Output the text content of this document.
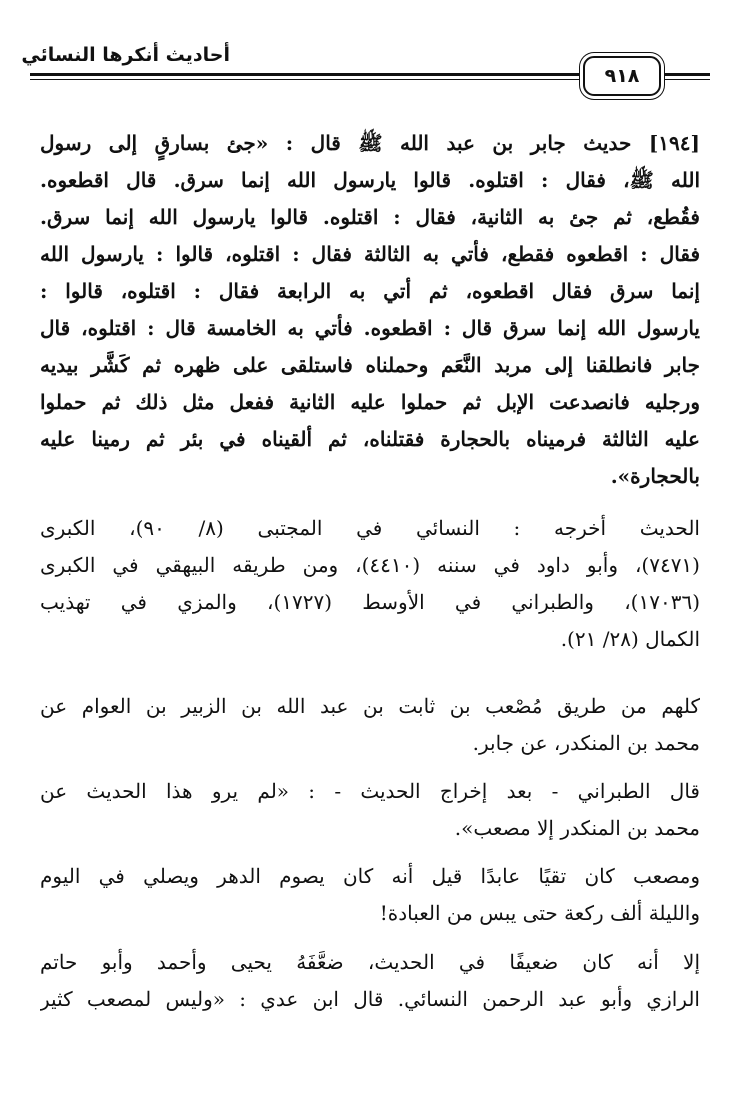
أحاديث أنكرها النسائي
٩١٨
[١٩٤] حديث جابر بن عبد الله ﷺ قال : «جئ بسارقٍ إلى رسول
الله ﷺ، فقال : اقتلوه. قالوا يارسول الله إنما سرق. قال اقطعوه.
فقُطع، ثم جئ به الثانية، فقال : اقتلوه. قالوا يارسول الله إنما سرق.
فقال : اقطعوه فقطع، فأتي به الثالثة فقال : اقتلوه، قالوا : يارسول الله
إنما سرق فقال اقطعوه، ثم أتي به الرابعة فقال : اقتلوه، قالوا :
يارسول الله إنما سرق قال : اقطعوه. فأتي به الخامسة قال : اقتلوه، قال
جابر فانطلقنا إلى مربد النَّعَم وحملناه فاستلقى على ظهره ثم كَشَّر بيديه
ورجليه فانصدعت الإبل ثم حملوا عليه الثانية ففعل مثل ذلك ثم حملوا
عليه الثالثة فرميناه بالحجارة فقتلناه، ثم ألقيناه في بئر ثم رمينا عليه
بالحجارة».
الحديث أخرجه : النسائي في المجتبى (٨/ ٩٠)، الكبرى
(٧٤٧١)، وأبو داود في سننه (٤٤١٠)، ومن طريقه البيهقي في الكبرى
(١٧٠٣٦)، والطبراني في الأوسط (١٧٢٧)، والمزي في تهذيب
الكمال (٢٨/ ٢١).
كلهم من طريق مُصْعب بن ثابت بن عبد الله بن الزبير بن العوام عن
محمد بن المنكدر، عن جابر.
قال الطبراني - بعد إخراج الحديث - : «لم يرو هذا الحديث عن
محمد بن المنكدر إلا مصعب».
ومصعب كان تقيًا عابدًا قيل أنه كان يصوم الدهر ويصلي في اليوم
والليلة ألف ركعة حتى يبس من العبادة!
إلا أنه كان ضعيفًا في الحديث، ضعَّفَهُ يحيى وأحمد وأبو حاتم
الرازي وأبو عبد الرحمن النسائي. قال ابن عدي : «وليس لمصعب كثير
